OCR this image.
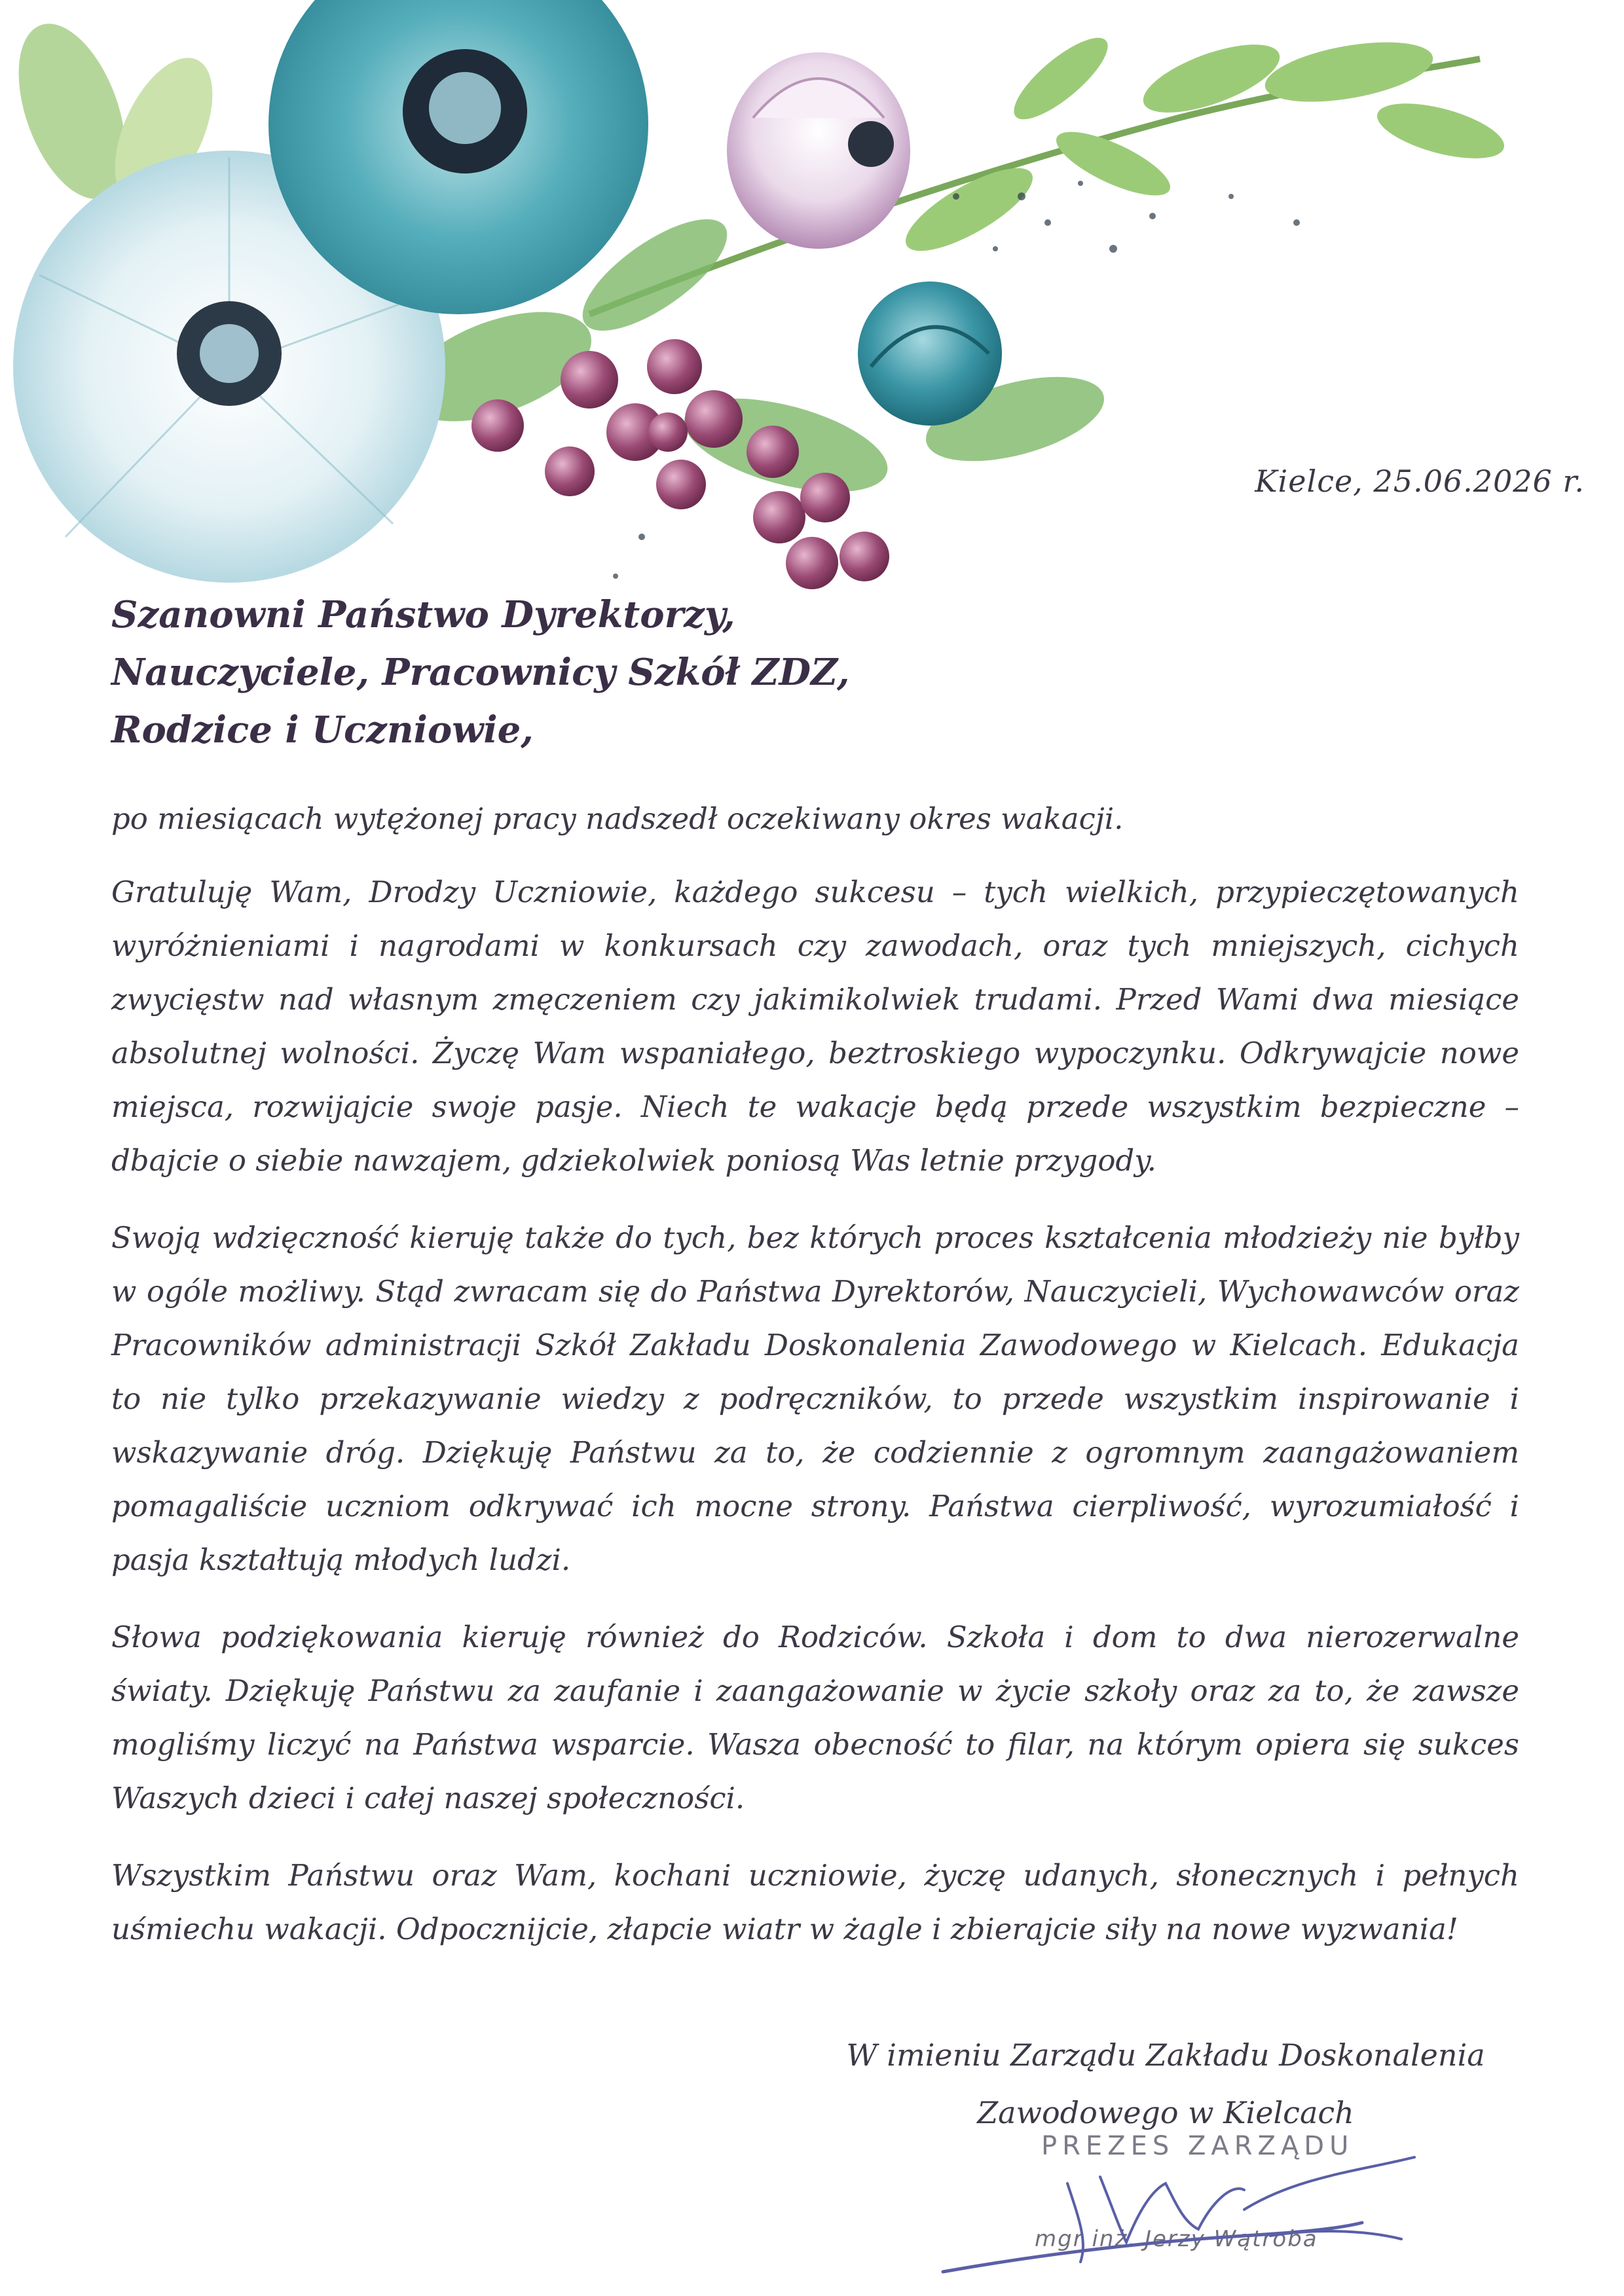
Kielce, 25.06.2026 r.
Szanowni Państwo Dyrektorzy,
Nauczyciele, Pracownicy Szkół ZDZ,
Rodzice i Uczniowie,

po miesiącach wytężonej pracy nadszedł oczekiwany okres wakacji.

Gratuluję Wam, Drodzy Uczniowie, każdego sukcesu – tych wielkich, przypieczętowanych wyróżnieniami i nagrodami w konkursach czy zawodach, oraz tych mniejszych, cichych zwycięstw nad własnym zmęczeniem czy jakimikolwiek trudami. Przed Wami dwa miesiące absolutnej wolności. Życzę Wam wspaniałego, beztroskiego wypoczynku. Odkrywajcie nowe miejsca, rozwijajcie swoje pasje. Niech te wakacje będą przede wszystkim bezpieczne – dbajcie o siebie nawzajem, gdziekolwiek poniosą Was letnie przygody.

Swoją wdzięczność kieruję także do tych, bez których proces kształcenia młodzieży nie byłby w ogóle możliwy. Stąd zwracam się do Państwa Dyrektorów, Nauczycieli, Wychowawców oraz Pracowników administracji Szkół Zakładu Doskonalenia Zawodowego w Kielcach. Edukacja to nie tylko przekazywanie wiedzy z podręczników, to przede wszystkim inspirowanie i wskazywanie dróg. Dziękuję Państwu za to, że codziennie z ogromnym zaangażowaniem pomagaliście uczniom odkrywać ich mocne strony. Państwa cierpliwość, wyrozumiałość i pasja kształtują młodych ludzi.

Słowa podziękowania kieruję również do Rodziców. Szkoła i dom to dwa nierozerwalne światy. Dziękuję Państwu za zaufanie i zaangażowanie w życie szkoły oraz za to, że zawsze mogliśmy liczyć na Państwa wsparcie. Wasza obecność to filar, na którym opiera się sukces Waszych dzieci i całej naszej społeczności.

Wszystkim Państwu oraz Wam, kochani uczniowie, życzę udanych, słonecznych i pełnych uśmiechu wakacji. Odpocznijcie, złapcie wiatr w żagle i zbierajcie siły na nowe wyzwania!

W imieniu Zarządu Zakładu Doskonalenia
Zawodowego w Kielcach
PREZES ZARZĄDU
mgr inż. Jerzy Wątroba
